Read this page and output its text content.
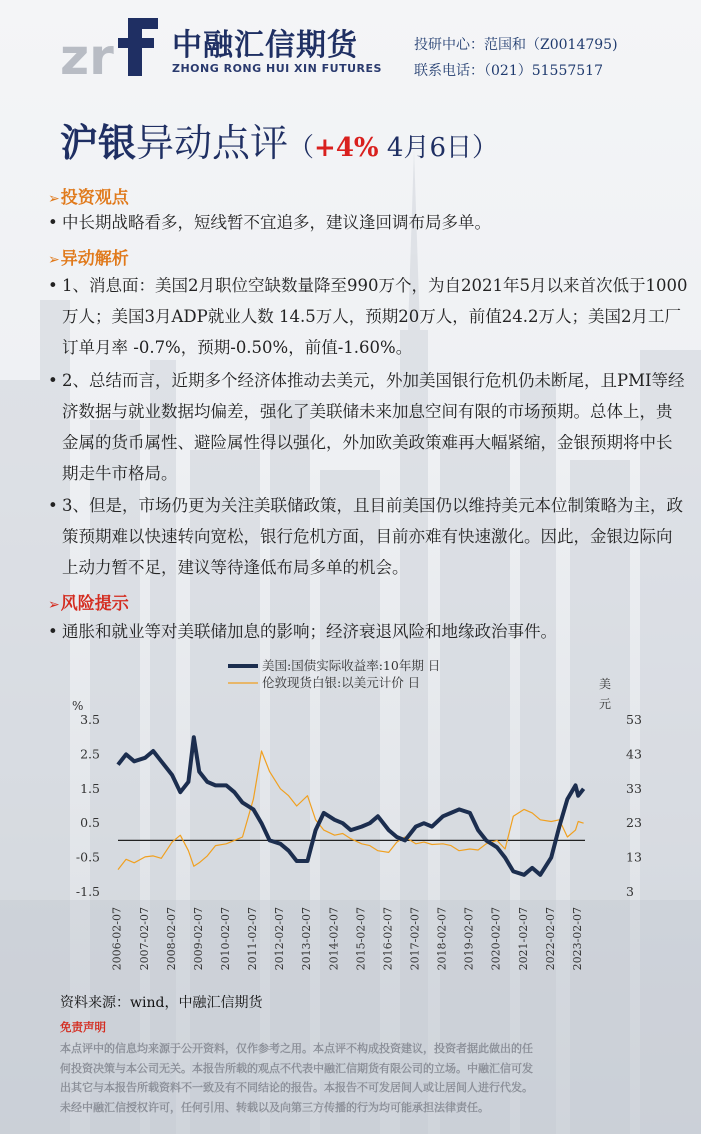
zr 中融汇信期货
ZHONG RONG HUI XIN FUTURES
投研中心：范国和（Z0014795)
联系电话：（021）51557517
沪银异动点评（+4% 4月6日）
➢投资观点
• 中长期战略看多，短线暂不宜追多，建议逢回调布局多单。
➢异动解析
• 1、消息面：美国2月职位空缺数量降至990万个，为自2021年5月以来首次低于1000万人；美国3月ADP就业人数 14.5万人，预期20万人，前值24.2万人；美国2月工厂订单月率 -0.7%，预期-0.50%，前值-1.60%。
• 2、总结而言，近期多个经济体推动去美元，外加美国银行危机仍未断尾，且PMI等经济数据与就业数据均偏差，强化了美联储未来加息空间有限的市场预期。总体上，贵金属的货币属性、避险属性得以强化，外加欧美政策难再大幅紧缩，金银预期将中长期走牛市格局。
• 3、但是，市场仍更为关注美联储政策，且目前美国仍以维持美元本位制策略为主，政策预期难以快速转向宽松，银行危机方面，目前亦难有快速激化。因此，金银边际向上动力暂不足，建议等待逢低布局多单的机会。
➢风险提示
• 通胀和就业等对美联储加息的影响；经济衰退风险和地缘政治事件。
美国:国债实际收益率:10年期 日
伦敦现货白银:以美元计价 日
%
美
元
3.5
2.5
1.5
0.5
-0.5
-1.5
53
43
33
23
13
3
2006-02-07 2007-02-07 2008-02-07 2009-02-07 2010-02-07 2011-02-07 2012-02-07 2013-02-07 2014-02-07 2015-02-07 2016-02-07 2017-02-07 2018-02-07 2019-02-07 2020-02-07 2021-02-07 2022-02-07 2023-02-07
资料来源：wind，中融汇信期货
免责声明
本点评中的信息均来源于公开资料，仅作参考之用。本点评不构成投资建议，投资者据此做出的任
何投资决策与本公司无关。本报告所载的观点不代表中融汇信期货有限公司的立场。中融汇信可发
出其它与本报告所载资料不一致及有不同结论的报告。本报告不可发居间人或让居间人进行代发。
未经中融汇信授权许可，任何引用、转载以及向第三方传播的行为均可能承担法律责任。
